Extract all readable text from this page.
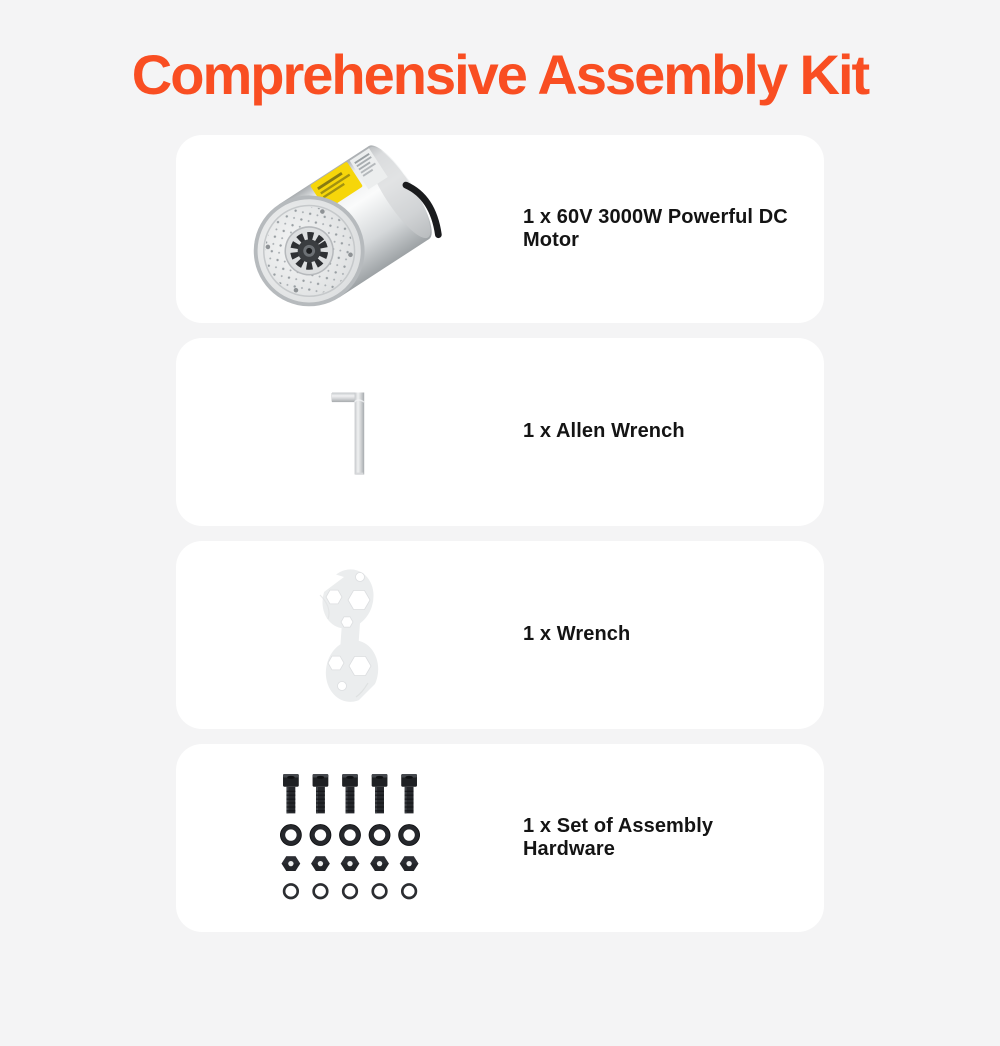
Comprehensive Assembly Kit

1 x 60V 3000W Powerful DC Motor

1 x Allen Wrench

1 x Wrench

1 x Set of Assembly Hardware
